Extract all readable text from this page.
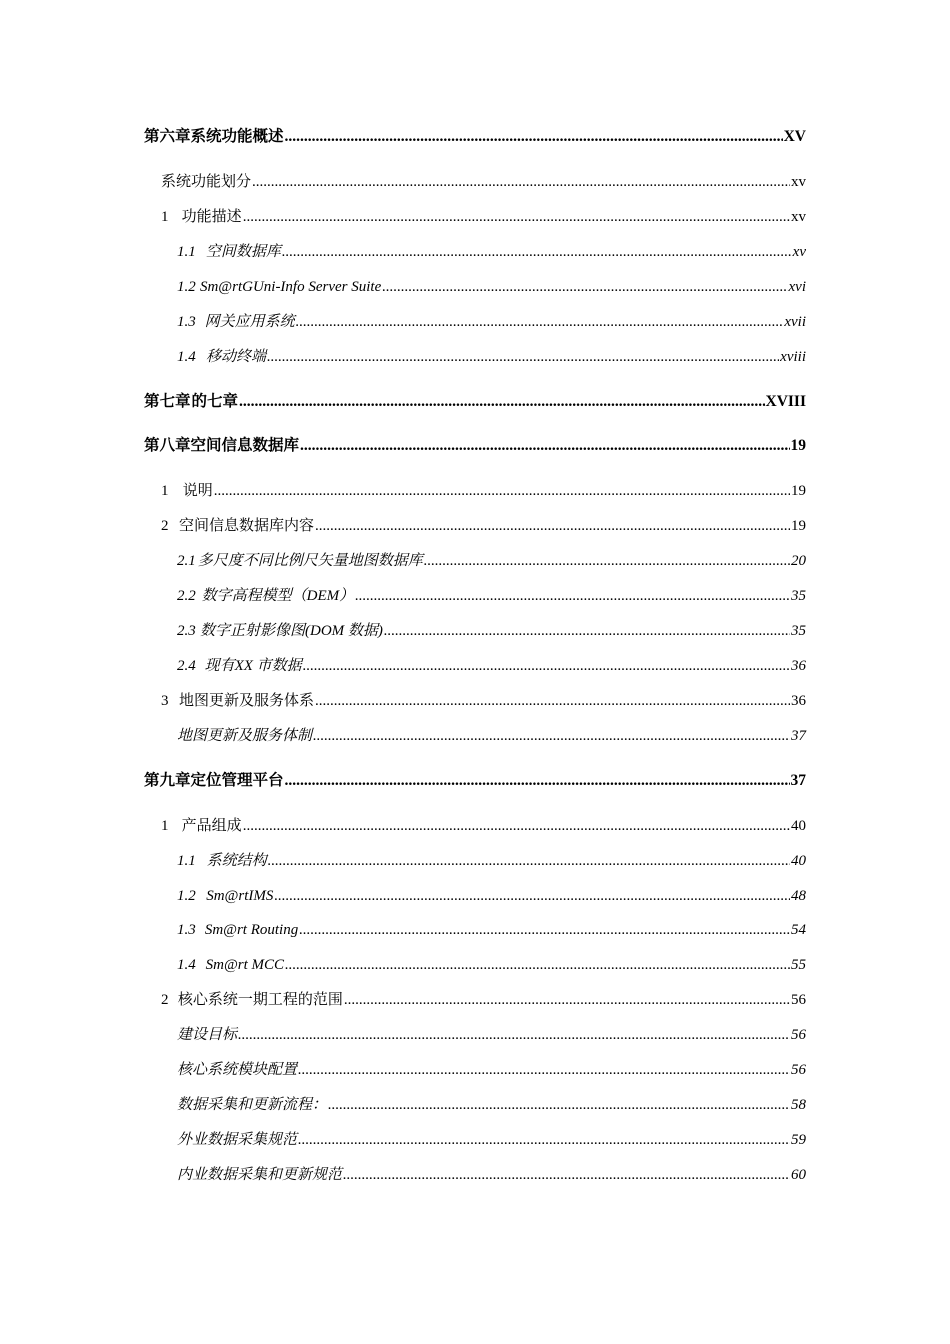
第六章 系统功能概述 .....	XV
系统功能划分 .....	xv
1 功能描述 .....	xv
1.1 空间数据库 .....	xv
1.2 Sm@rtGUni-Info Server Suite .....	xvi
1.3 网关应用系统 .....	xvii
1.4 移动终端 .....	xviii
第七章 的七章 .....	XVIII
第八章 空间信息数据库 .....	19
1 说明 .....	19
2 空间信息数据库内容 .....	19
2.1 多尺度不同比例尺矢量地图数据库 .....	20
2.2 数字高程模型（DEM） .....	35
2.3 数字正射影像图(DOM 数据) .....	35
2.4 现有XX 市数据 .....	36
3 地图更新及服务体系 .....	36
地图更新及服务体制 .....	37
第九章 定位管理平台 .....	37
1 产品组成 .....	40
1.1 系统结构 .....	40
1.2 Sm@rtIMS .....	48
1.3 Sm@rt Routing .....	54
1.4 Sm@rt MCC .....	55
2 核心系统一期工程的范围 .....	56
建设目标 .....	56
核心系统模块配置 .....	56
数据采集和更新流程： .....	58
外业数据采集规范 .....	59
内业数据采集和更新规范 .....	60
